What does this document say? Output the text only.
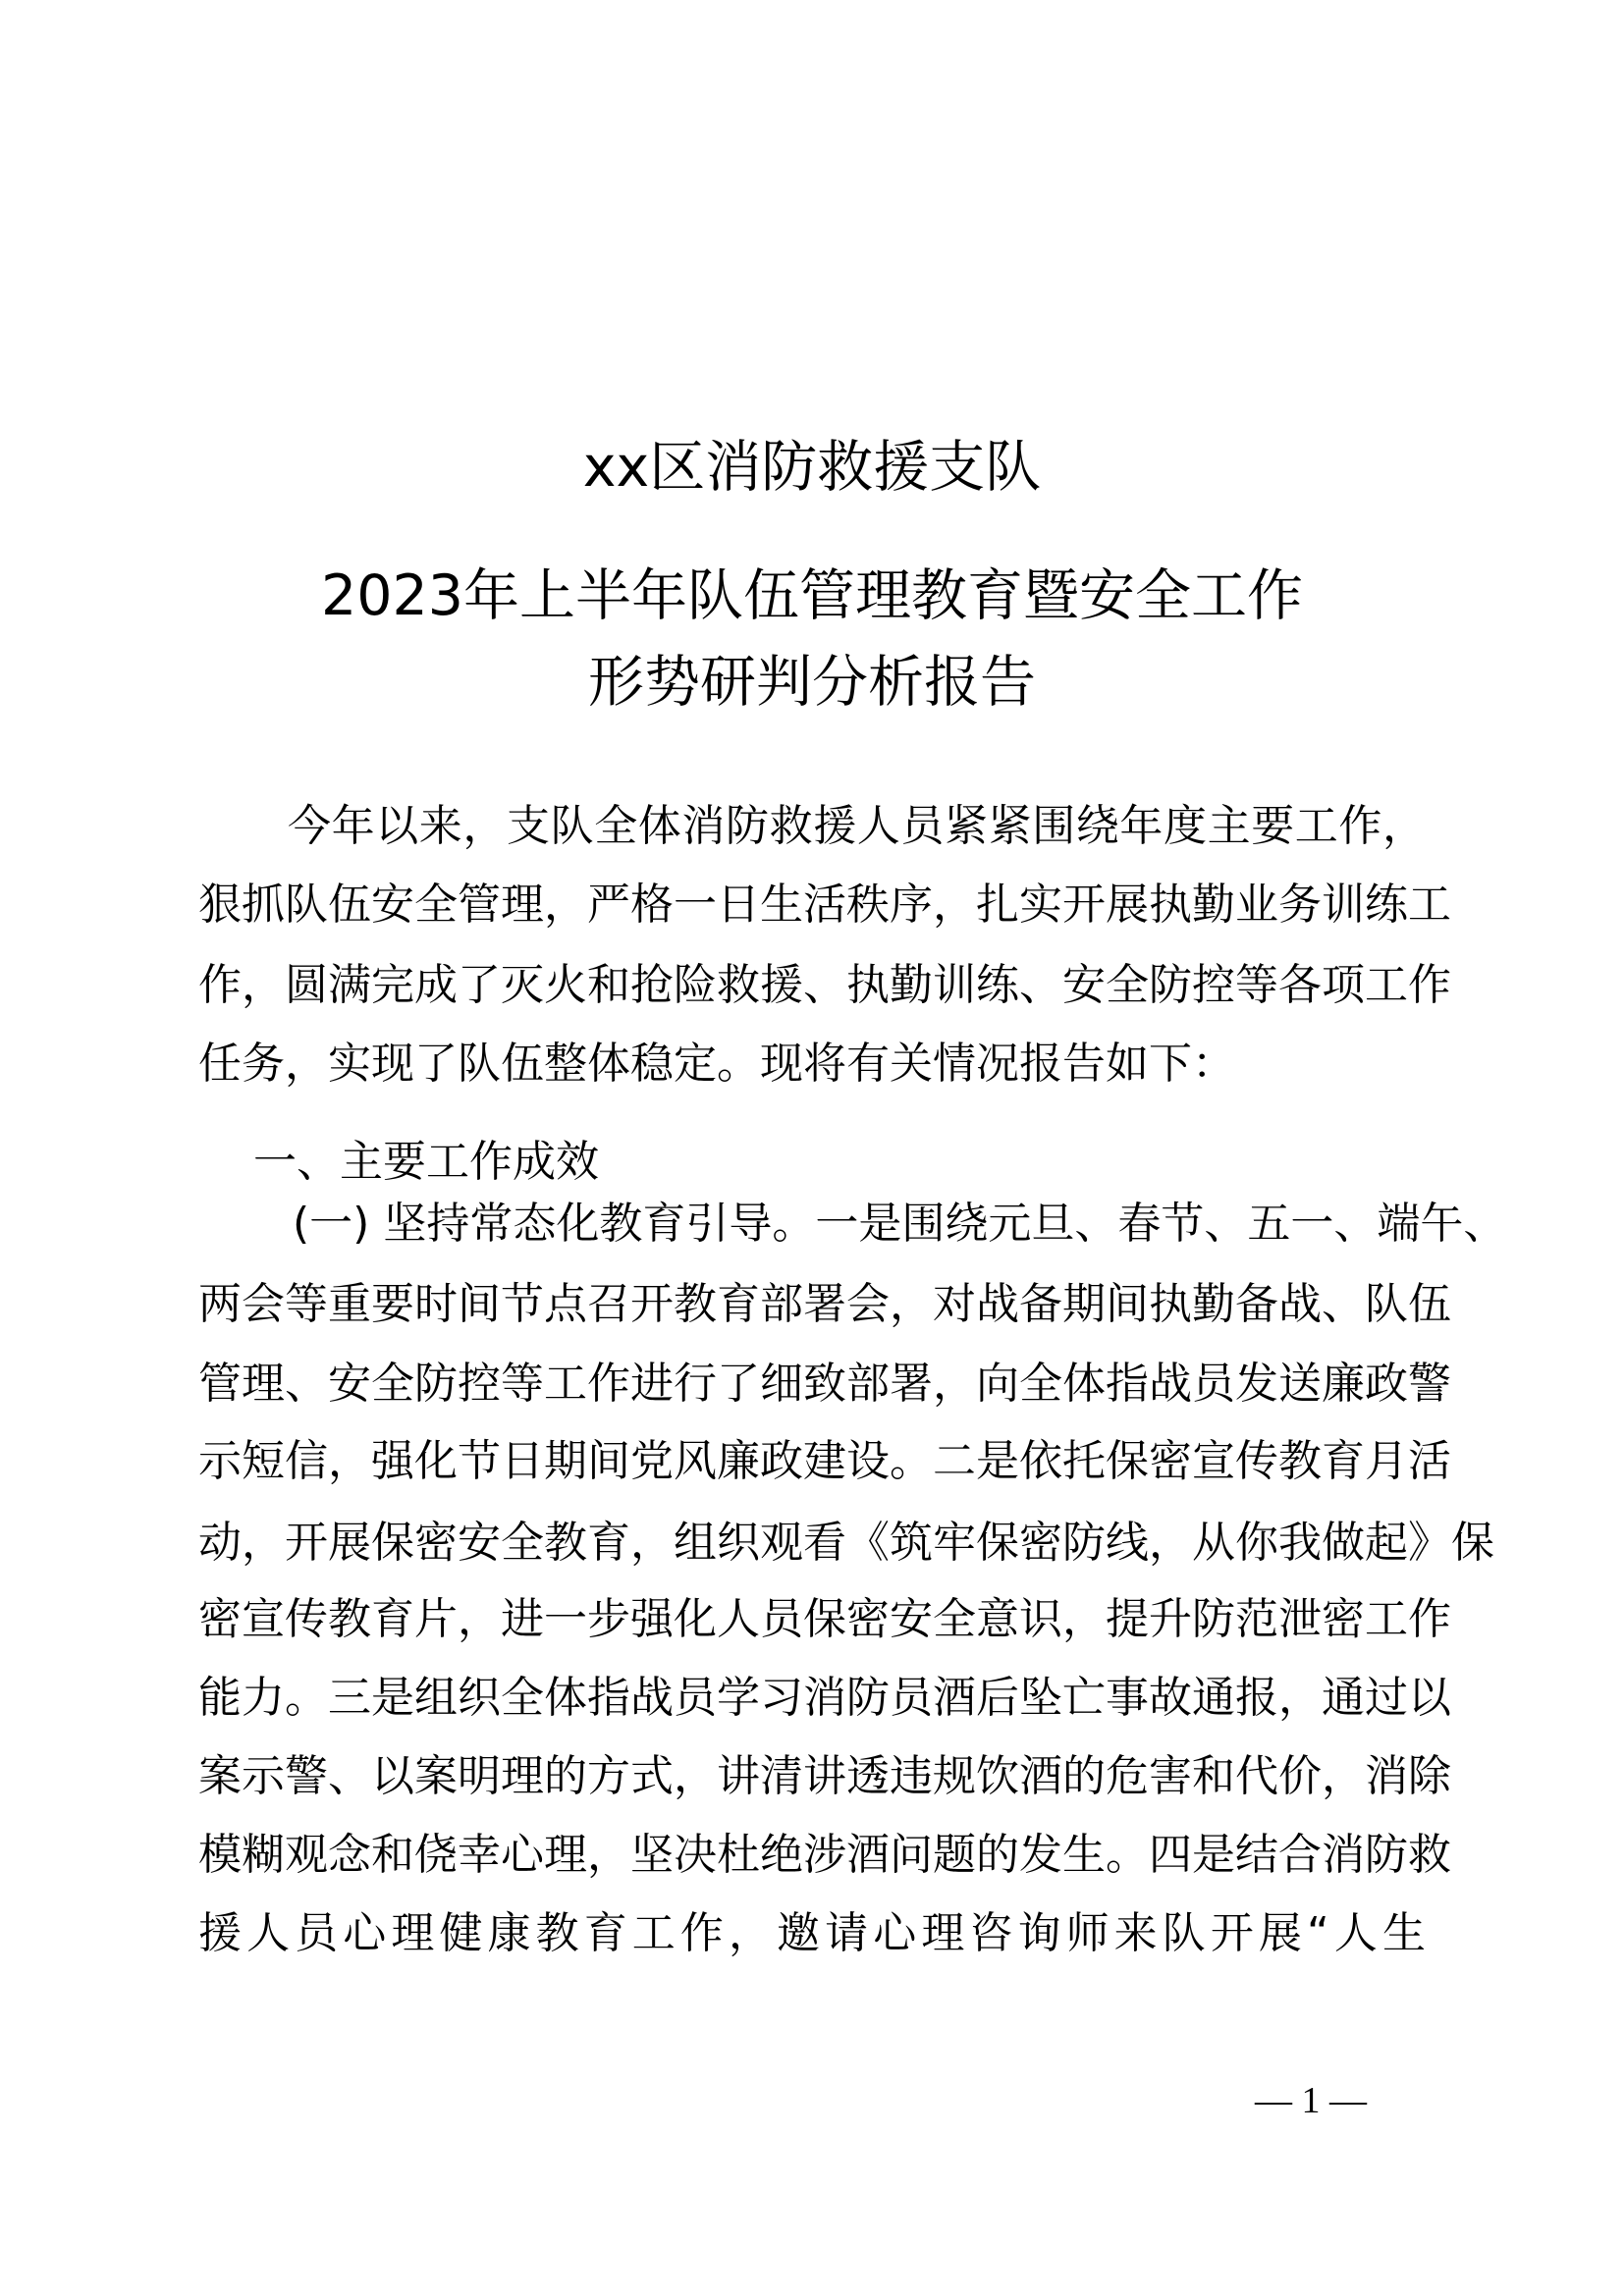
xx区消防救援支队
2023年上半年队伍管理教育暨安全工作
形势研判分析报告
今年以来，支队全体消防救援人员紧紧围绕年度主要工作，
狠抓队伍安全管理，严格一日生活秩序，扎实开展执勤业务训练工
作，圆满完成了灭火和抢险救援、执勤训练、安全防控等各项工作
任务，实现了队伍整体稳定。现将有关情况报告如下：
一、主要工作成效
(一) 坚持常态化教育引导。一是围绕元旦、春节、五一、端午、
两会等重要时间节点召开教育部署会，对战备期间执勤备战、队伍
管理、安全防控等工作进行了细致部署，向全体指战员发送廉政警
示短信，强化节日期间党风廉政建设。二是依托保密宣传教育月活
动，开展保密安全教育，组织观看《筑牢保密防线，从你我做起》保
密宣传教育片，进一步强化人员保密安全意识，提升防范泄密工作
能力。三是组织全体指战员学习消防员酒后坠亡事故通报，通过以
案示警、以案明理的方式，讲清讲透违规饮酒的危害和代价，消除
模糊观念和侥幸心理，坚决杜绝涉酒问题的发生。四是结合消防救
援人员心理健康教育工作，邀请心理咨询师来队开展“人生
— 1 —
